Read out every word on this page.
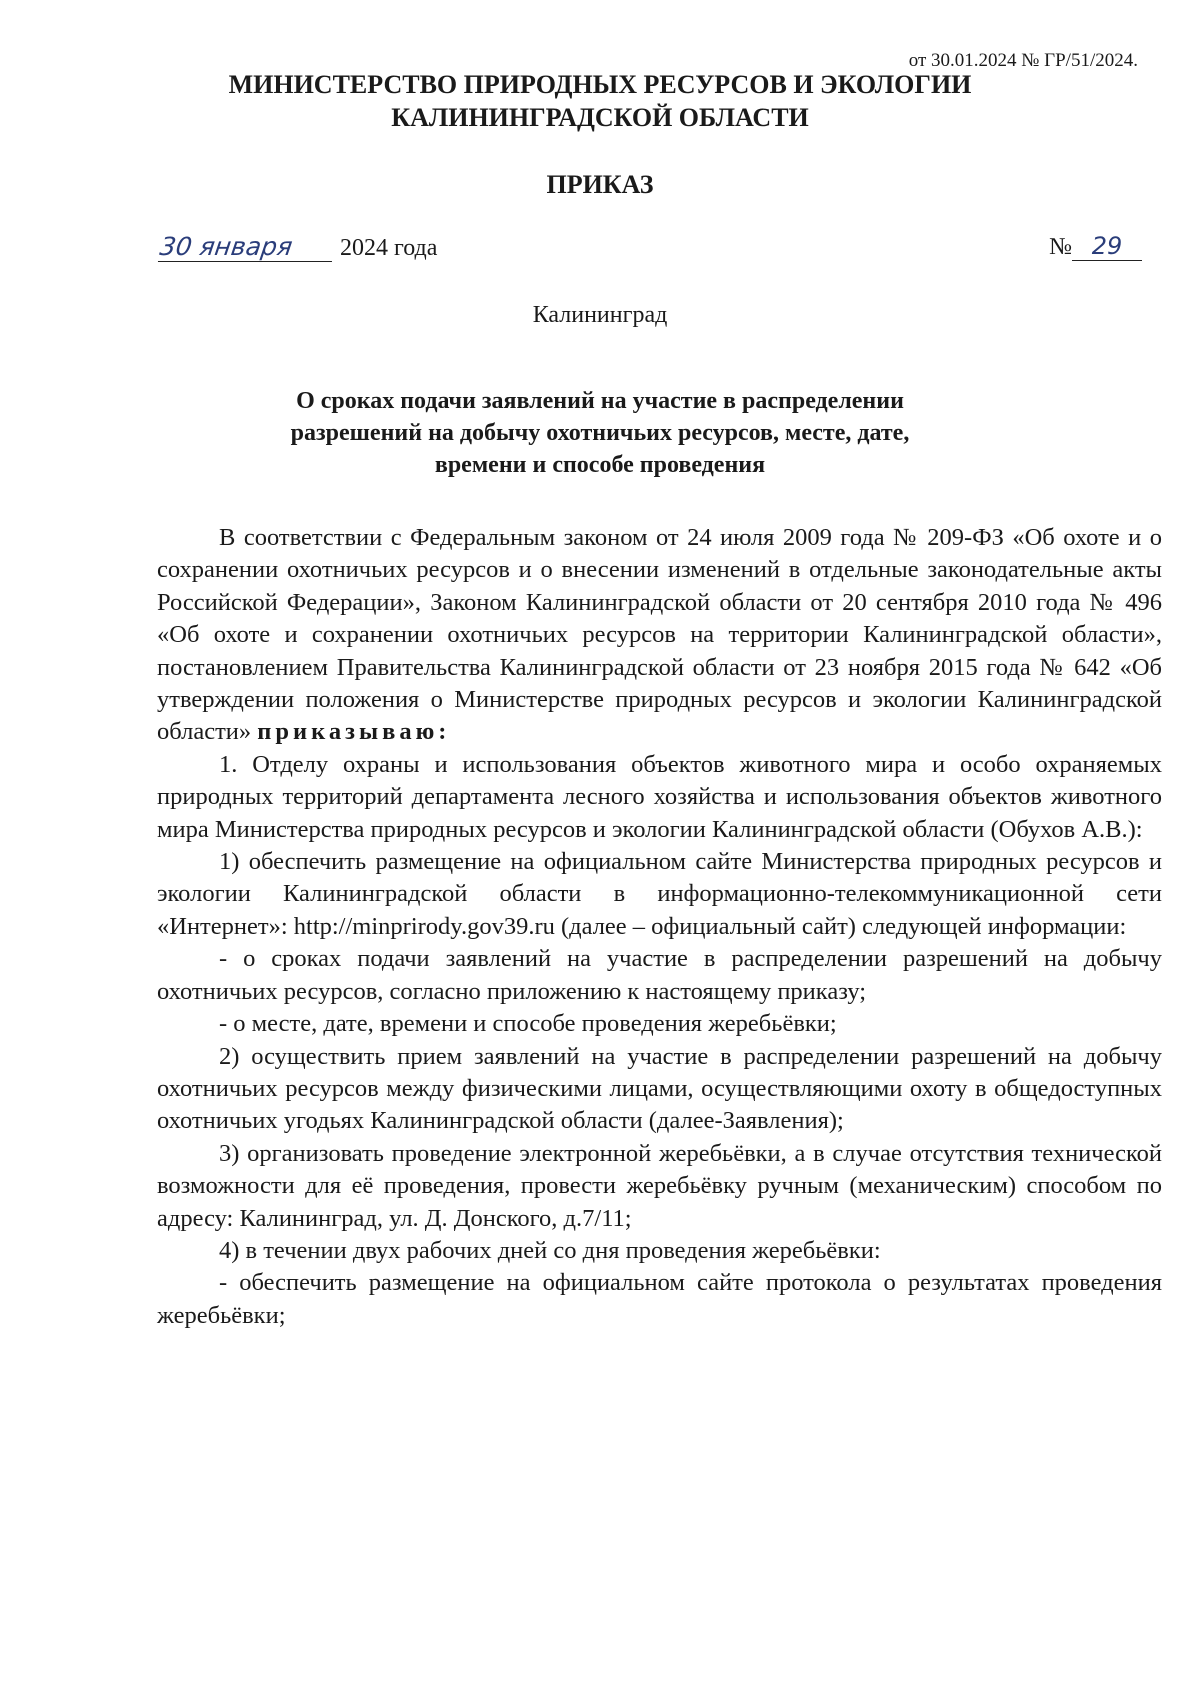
от 30.01.2024 № ГР/51/2024.
МИНИСТЕРСТВО ПРИРОДНЫХ РЕСУРСОВ И ЭКОЛОГИИ
КАЛИНИНГРАДСКОЙ ОБЛАСТИ
ПРИКАЗ
30 января 2024 года	№ 29
Калининград
О сроках подачи заявлений на участие в распределении
разрешений на добычу охотничьих ресурсов, месте, дате,
времени и способе проведения

В соответствии с Федеральным законом от 24 июля 2009 года № 209-ФЗ «Об охоте и о сохранении охотничьих ресурсов и о внесении изменений в отдельные законодательные акты Российской Федерации», Законом Калининградской области от 20 сентября 2010 года № 496 «Об охоте и сохранении охотничьих ресурсов на территории Калининградской области», постановлением Правительства Калининградской области от 23 ноября 2015 года № 642 «Об утверждении положения о Министерстве природных ресурсов и экологии Калининградской области» приказываю:

1. Отделу охраны и использования объектов животного мира и особо охраняемых природных территорий департамента лесного хозяйства и использования объектов животного мира Министерства природных ресурсов и экологии Калининградской области (Обухов А.В.):

1) обеспечить размещение на официальном сайте Министерства природных ресурсов и экологии Калининградской области в информационно-телекоммуникационной сети «Интернет»: http://minprirody.gov39.ru (далее – официальный сайт) следующей информации:

- о сроках подачи заявлений на участие в распределении разрешений на добычу охотничьих ресурсов, согласно приложению к настоящему приказу;

- о месте, дате, времени и способе проведения жеребьёвки;

2) осуществить прием заявлений на участие в распределении разрешений на добычу охотничьих ресурсов между физическими лицами, осуществляющими охоту в общедоступных охотничьих угодьях Калининградской области (далее-Заявления);

3) организовать проведение электронной жеребьёвки, а в случае отсутствия технической возможности для её проведения, провести жеребьёвку ручным (механическим) способом по адресу: Калининград, ул. Д. Донского, д.7/11;

4) в течении двух рабочих дней со дня проведения жеребьёвки:

- обеспечить размещение на официальном сайте протокола о результатах проведения жеребьёвки;
